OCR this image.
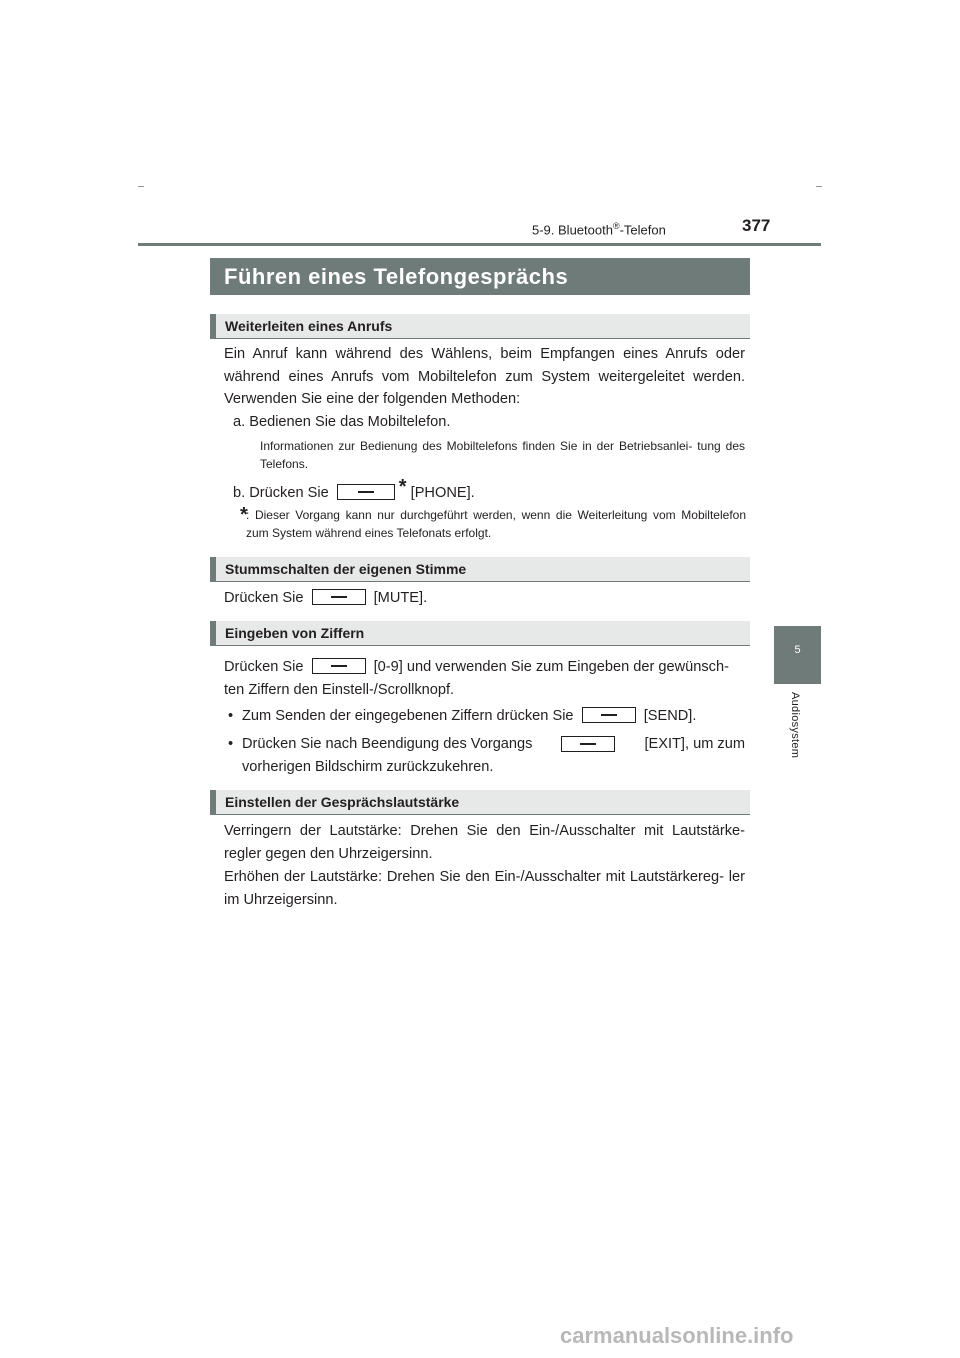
5-9. Bluetooth®-Telefon	377
5
Audiosystem
Führen eines Telefongesprächs
Weiterleiten eines Anrufs
Ein Anruf kann während des Wählens, beim Empfangen eines Anrufs oder während eines Anrufs vom Mobiltelefon zum System weitergeleitet werden. Verwenden Sie eine der folgenden Methoden:
a. Bedienen Sie das Mobiltelefon.
Informationen zur Bedienung des Mobiltelefons finden Sie in der Betriebsanlei- tung des Telefons.
b. Drücken Sie	* [PHONE].
*
: Dieser Vorgang kann nur durchgeführt werden, wenn die Weiterleitung vom Mobiltelefon zum System während eines Telefonats erfolgt.
Stummschalten der eigenen Stimme
Drücken Sie	[MUTE].
Eingeben von Ziffern
Drücken Sie	[0-9] und verwenden Sie zum Eingeben der gewünsch-
ten Ziffern den Einstell-/Scrollknopf.
• Zum Senden der eingegebenen Ziffern drücken Sie	[SEND].
• Drücken Sie nach Beendigung des Vorgangs	[EXIT], um zum
vorherigen Bildschirm zurückzukehren.
Einstellen der Gesprächslautstärke
Verringern der Lautstärke: Drehen Sie den Ein-/Ausschalter mit Lautstärke- regler gegen den Uhrzeigersinn.
Erhöhen der Lautstärke: Drehen Sie den Ein-/Ausschalter mit Lautstärkereg- ler im Uhrzeigersinn.
carmanualsonline.info
